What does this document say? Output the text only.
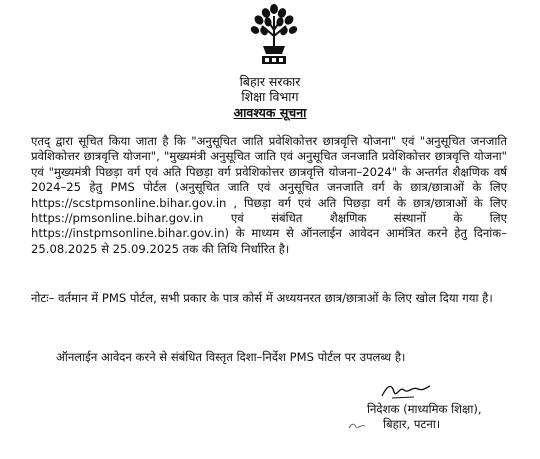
बिहार सरकार
शिक्षा विभाग
आवश्यक सूचना

एतद् द्वारा सूचित किया जाता है कि "अनुसूचित जाति प्रवेशिकोत्तर छात्रवृत्ति योजना" एवं "अनुसूचित जनजाति प्रवेशिकोत्तर छात्रवृत्ति योजना", "मुख्यमंत्री अनुसूचित जाति एवं अनुसूचित जनजाति प्रवेशिकोत्तर छात्रवृत्ति योजना" एवं "मुख्यमंत्री पिछड़ा वर्ग एवं अति पिछड़ा वर्ग प्रवेशिकोत्तर छात्रवृत्ति योजना–2024" के अन्तर्गत शैक्षणिक वर्ष 2024–25 हेतु PMS पोर्टल (अनुसूचित जाति एवं अनुसूचित जनजाति वर्ग के छात्र/छात्राओं के लिए https://scstpmsonline.bihar.gov.in , पिछड़ा वर्ग एवं अति पिछड़ा वर्ग के छात्र/छात्राओं के लिए https://pmsonline.bihar.gov.in एवं संबंधित शैक्षणिक संस्थानों के लिए https://instpmsonline.bihar.gov.in) के माध्यम से ऑनलाईन आवेदन आमंत्रित करने हेतु दिनांक–25.08.2025 से 25.09.2025 तक की तिथि निर्धारित है।

नोटः– वर्तमान में PMS पोर्टल, सभी प्रकार के पात्र कोर्स में अध्ययनरत छात्र/छात्राओं के लिए खोल दिया गया है।
ऑनलाईन आवेदन करने से संबंधित विस्तृत दिशा–निर्देश PMS पोर्टल पर उपलब्ध है।
निदेशक (माध्यमिक शिक्षा),
बिहार, पटना।
